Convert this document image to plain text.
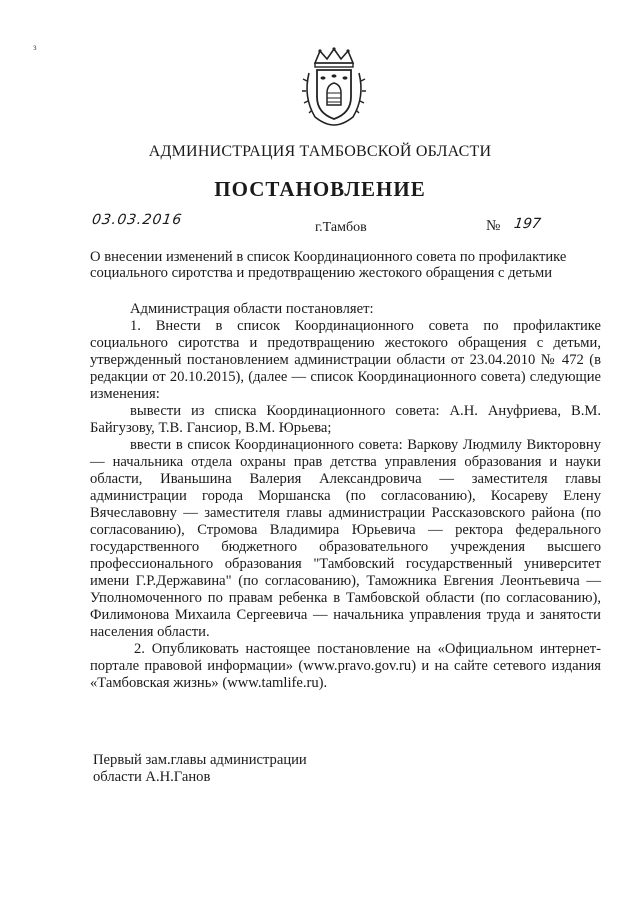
з
АДМИНИСТРАЦИЯ ТАМБОВСКОЙ ОБЛАСТИ
ПОСТАНОВЛЕНИЕ
03.03.2016	г.Тамбов	№ 197
О внесении изменений в список Координационного совета по профилактике социального сиротства и предотвращению жестокого обращения с детьми

Администрация области постановляет:

1. Внести в список Координационного совета по профилактике социального сиротства и предотвращению жестокого обращения с детьми, утвержденный постановлением администрации области от 23.04.2010 № 472 (в редакции от 20.10.2015), (далее — список Координационного совета) следующие изменения:

вывести из списка Координационного совета: А.Н. Ануфриева, В.М. Байгузову, Т.В. Гансиор, В.М. Юрьева;

ввести в список Координационного совета: Варкову Людмилу Викторовну — начальника отдела охраны прав детства управления образования и науки области, Иваньшина Валерия Александровича — заместителя главы администрации города Моршанска (по согласованию), Косареву Елену Вячеславовну — заместителя главы администрации Рассказовского района (по согласованию), Стромова Владимира Юрьевича — ректора федерального государственного бюджетного образовательного учреждения высшего профессионального образования "Тамбовский государственный университет имени Г.Р.Державина" (по согласованию), Таможника Евгения Леонтьевича — Уполномоченного по правам ребенка в Тамбовской области (по согласованию), Филимонова Михаила Сергеевича — начальника управления труда и занятости населения области.

2. Опубликовать настоящее постановление на «Официальном интернет-портале правовой информации» (www.pravo.gov.ru) и на сайте сетевого издания «Тамбовская жизнь» (www.tamlife.ru).

Первый зам.главы администрации
области А.Н.Ганов
